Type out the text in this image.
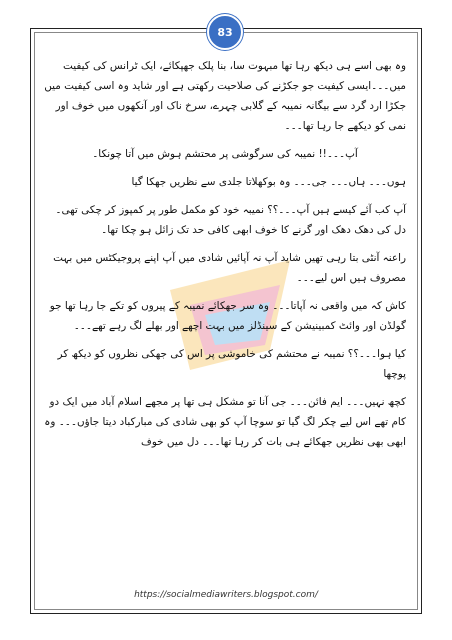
83

وہ بھی اسے ہی دیکھ رہا تھا مبہوت سا، بنا پلک جھپکائے، ایک ٹرانس کی کیفیت میں۔۔۔ایسی کیفیت جو جکڑنے کی صلاحیت رکھتی ہے اور شاید وہ اسی کیفیت میں جکڑا ارد گرد سے بیگانہ نمیبہ کے گلابی چہرے، سرخ ناک اور آنکھوں میں خوف اور نمی کو دیکھے جا رہا تھا۔۔۔

آپ۔۔۔!! نمیبہ کی سرگوشی پر محتشم ہوش میں آتا چونکا۔

ہوں۔۔۔ ہاں۔۔۔ جی۔۔۔ وہ بوکھلاتا جلدی سے نظریں جھکا گیا

آپ کب آئے کیسے ہیں آپ۔۔۔؟؟ نمیبہ خود کو مکمل طور پر کمپوز کر چکی تھی۔ دل کی دھک دھک اور گرنے کا خوف ابھی کافی حد تک زائل ہو چکا تھا۔

راعنہ آنٹی بتا رہی تھیں شاید آپ نہ آپائیں شادی میں آپ اپنے پروجیکٹس میں بہت مصروف ہیں اس لیے۔۔۔

کاش کہ میں واقعی نہ آپاتا۔۔۔ وہ سر جھکائے نمیبہ کے پیروں کو تکے جا رہا تھا جو گولڈن اور وائٹ کمبینیشن کے سینڈلز میں بہت اچھے اور بھلے لگ رہے تھے۔۔۔

کیا ہوا۔۔۔؟؟ نمیبہ نے محتشم کی خاموشی پر اس کی جھکی نظروں کو دیکھ کر پوچھا

کچھ نہیں۔۔۔ ایم فائن۔۔۔ جی آنا تو مشکل ہی تھا پر مجھے اسلام آباد میں ایک دو کام تھے اس لیے چکر لگ گیا تو سوچا آپ کو بھی شادی کی مبارکباد دیتا جاؤں۔۔۔ وہ ابھی بھی نظریں جھکائے ہی بات کر رہا تھا۔۔۔ دل میں خوف

https://socialmediawriters.blogspot.com/
